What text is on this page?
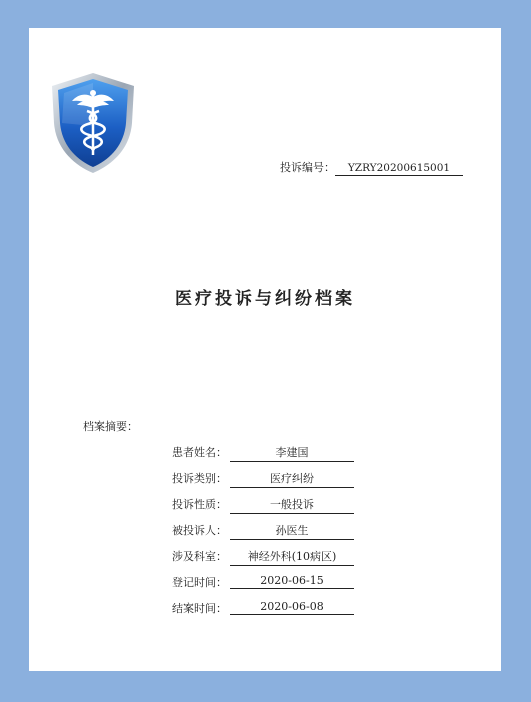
投诉编号： YZRY20200615001
医疗投诉与纠纷档案
档案摘要：
患者姓名：	李建国
投诉类别：	医疗纠纷
投诉性质：	一般投诉
被投诉人：	孙医生
涉及科室：	神经外科(10病区)
登记时间：	2020-06-15
结案时间：	2020-06-08
